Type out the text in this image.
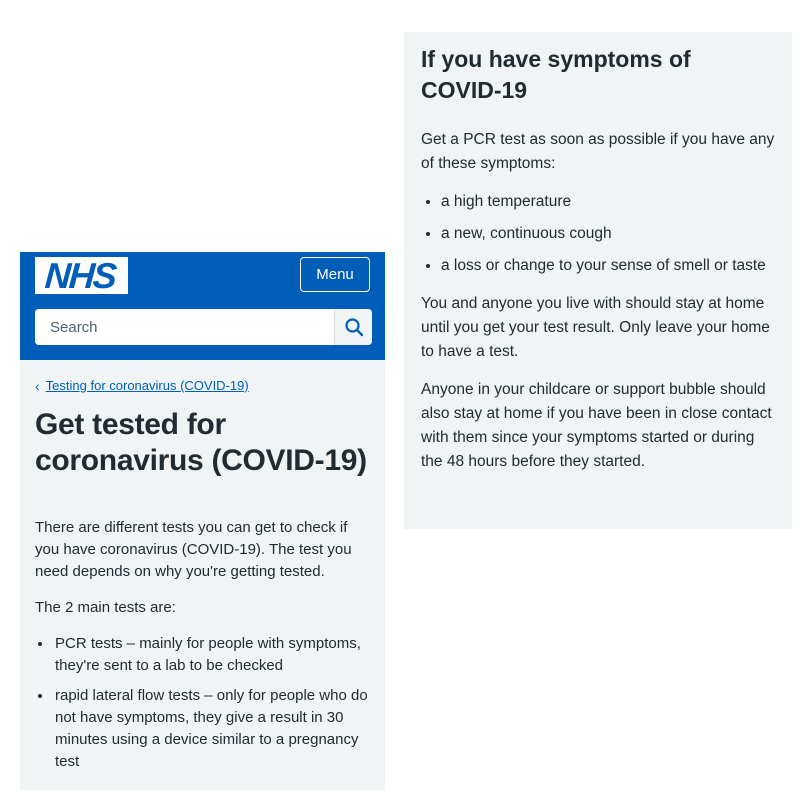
NHS	Menu
Search
‹ Testing for coronavirus (COVID-19)
Get tested for coronavirus (COVID-19)

There are different tests you can get to check if you have coronavirus (COVID-19). The test you need depends on why you're getting tested.

The 2 main tests are:

• PCR tests – mainly for people with symptoms, they're sent to a lab to be checked
• rapid lateral flow tests – only for people who do not have symptoms, they give a result in 30 minutes using a device similar to a pregnancy test
If you have symptoms of COVID-19

Get a PCR test as soon as possible if you have any of these symptoms:

• a high temperature
• a new, continuous cough
• a loss or change to your sense of smell or taste

You and anyone you live with should stay at home until you get your test result. Only leave your home to have a test.

Anyone in your childcare or support bubble should also stay at home if you have been in close contact with them since your symptoms started or during the 48 hours before they started.
